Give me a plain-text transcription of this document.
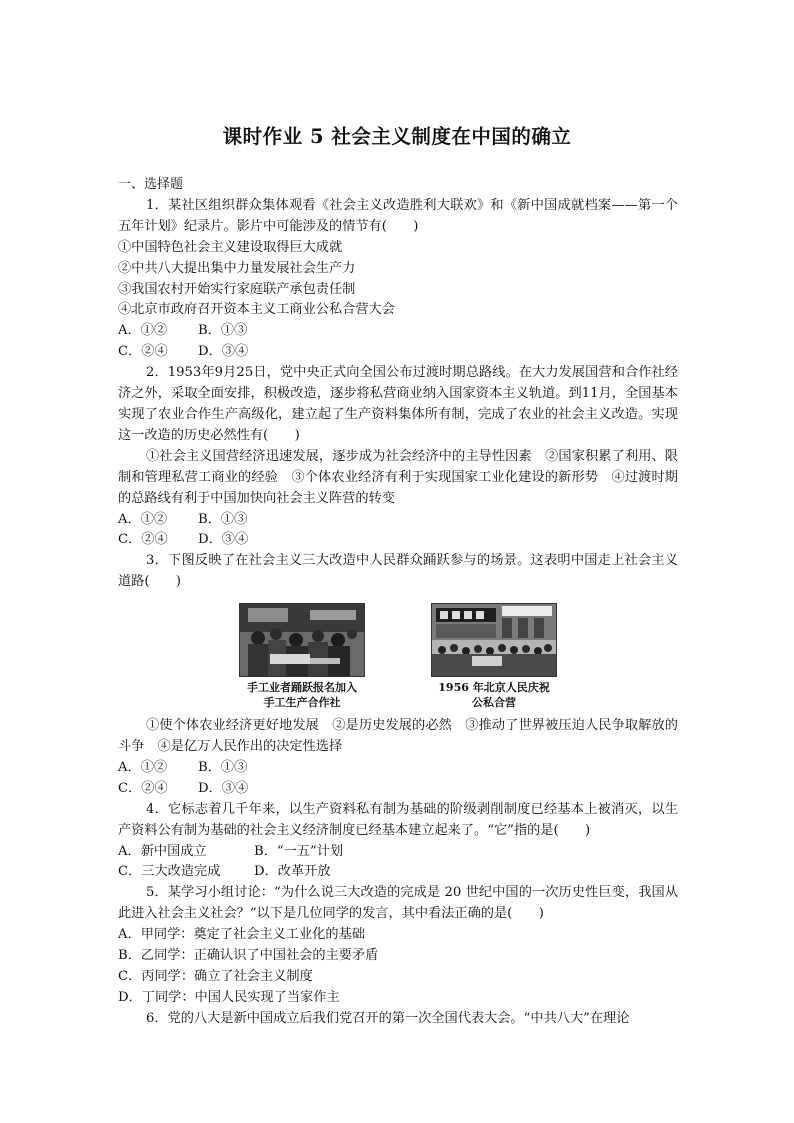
课时作业 5 社会主义制度在中国的确立

一、选择题

1．某社区组织群众集体观看《社会主义改造胜利大联欢》和《新中国成就档案——第一个五年计划》纪录片。影片中可能涉及的情节有(　　)

①中国特色社会主义建设取得巨大成就

②中共八大提出集中力量发展社会生产力

③我国农村开始实行家庭联产承包责任制

④北京市政府召开资本主义工商业公私合营大会

A．①② B．①③

C．②④ D．③④

2．1953年9月25日，党中央正式向全国公布过渡时期总路线。在大力发展国营和合作社经济之外，采取全面安排，积极改造，逐步将私营商业纳入国家资本主义轨道。到11月，全国基本实现了农业合作生产高级化，建立起了生产资料集体所有制，完成了农业的社会主义改造。实现这一改造的历史必然性有(　　)

①社会主义国营经济迅速发展，逐步成为社会经济中的主导性因素　②国家积累了利用、限制和管理私营工商业的经验　③个体农业经济有利于实现国家工业化建设的新形势　④过渡时期的总路线有利于中国加快向社会主义阵营的转变

A．①② B．①③

C．②④ D．③④

3．下图反映了在社会主义三大改造中人民群众踊跃参与的场景。这表明中国走上社会主义道路(　　)

手工业者踊跃报名加入
手工生产合作社
1956 年北京人民庆祝
公私合营

①使个体农业经济更好地发展　②是历史发展的必然　③推动了世界被压迫人民争取解放的斗争　④是亿万人民作出的决定性选择

A．①② B．①③

C．②④ D．③④

4．它标志着几千年来，以生产资料私有制为基础的阶级剥削制度已经基本上被消灭，以生产资料公有制为基础的社会主义经济制度已经基本建立起来了。“它”指的是(　　)

A．新中国成立	B．“一五”计划

C．三大改造完成	D．改革开放

5．某学习小组讨论：“为什么说三大改造的完成是 20 世纪中国的一次历史性巨变，我国从此进入社会主义社会？”以下是几位同学的发言，其中看法正确的是(　　)

A．甲同学：奠定了社会主义工业化的基础

B．乙同学：正确认识了中国社会的主要矛盾

C．丙同学：确立了社会主义制度

D．丁同学：中国人民实现了当家作主

6．党的八大是新中国成立后我们党召开的第一次全国代表大会。“中共八大”在理论
